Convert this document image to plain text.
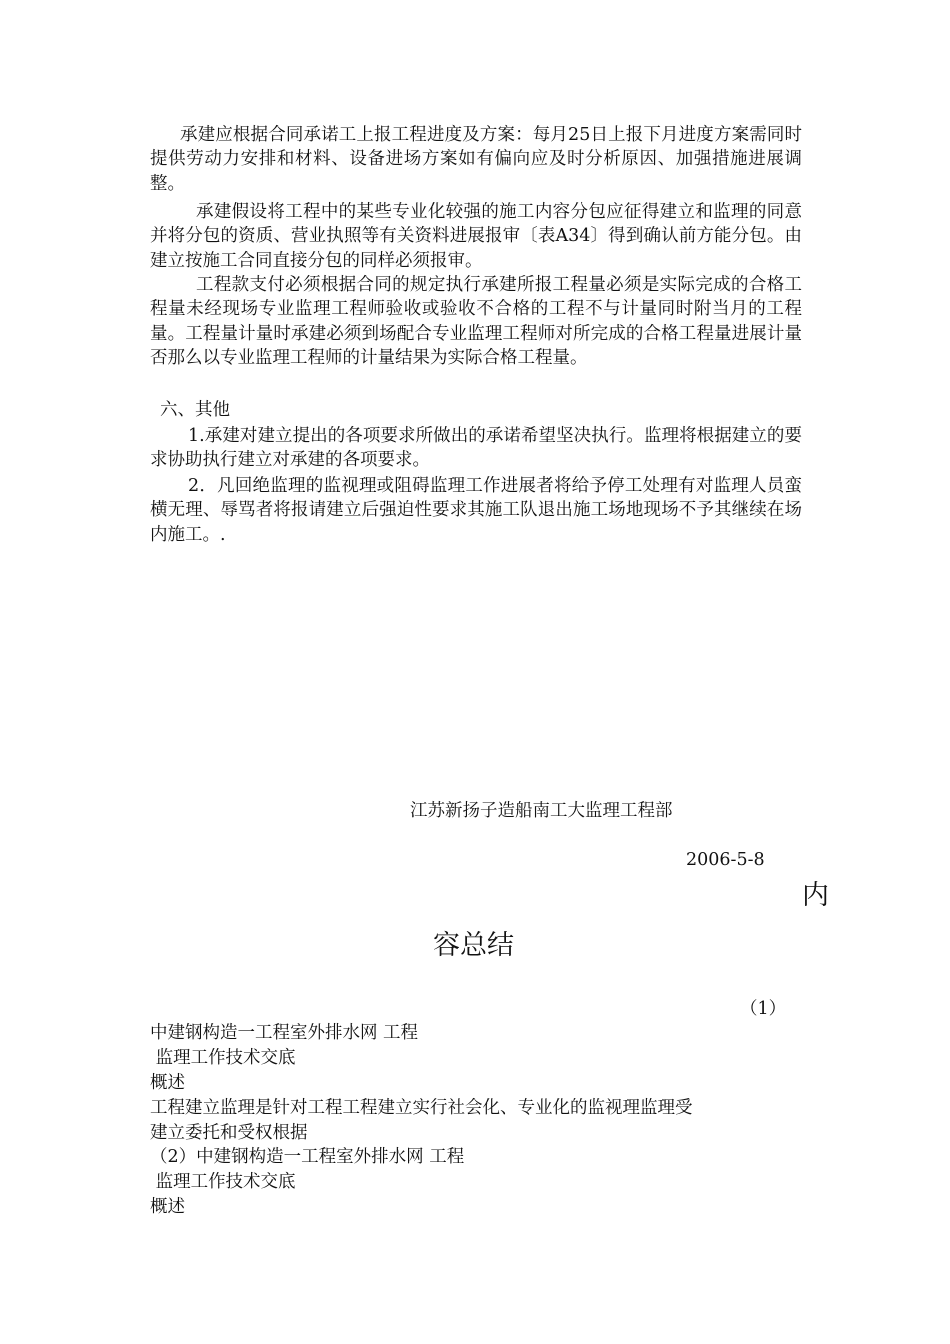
承建应根据合同承诺工上报工程进度及方案：每月25日上报下月进度方案需同时提供劳动力安排和材料、设备进场方案如有偏向应及时分析原因、加强措施进展调整。

承建假设将工程中的某些专业化较强的施工内容分包应征得建立和监理的同意并将分包的资质、营业执照等有关资料进展报审〔表A34〕得到确认前方能分包。由建立按施工合同直接分包的同样必须报审。

工程款支付必须根据合同的规定执行承建所报工程量必须是实际完成的合格工程量未经现场专业监理工程师验收或验收不合格的工程不与计量同时附当月的工程量。工程量计量时承建必须到场配合专业监理工程师对所完成的合格工程量进展计量否那么以专业监理工程师的计量结果为实际合格工程量。

六、其他

1.承建对建立提出的各项要求所做出的承诺希望坚决执行。监理将根据建立的要求协助执行建立对承建的各项要求。

2．凡回绝监理的监视理或阻碍监理工作进展者将给予停工处理有对监理人员蛮横无理、辱骂者将报请建立后强迫性要求其施工队退出施工场地现场不予其继续在场内施工。.

江苏新扬子造船南工大监理工程部
2006-5-8
内
容总结
（1）
中建钢构造一工程室外排水网 工程
监理工作技术交底
概述
工程建立监理是针对工程工程建立实行社会化、专业化的监视理监理受
建立委托和受权根据
（2）中建钢构造一工程室外排水网 工程
监理工作技术交底
概述
